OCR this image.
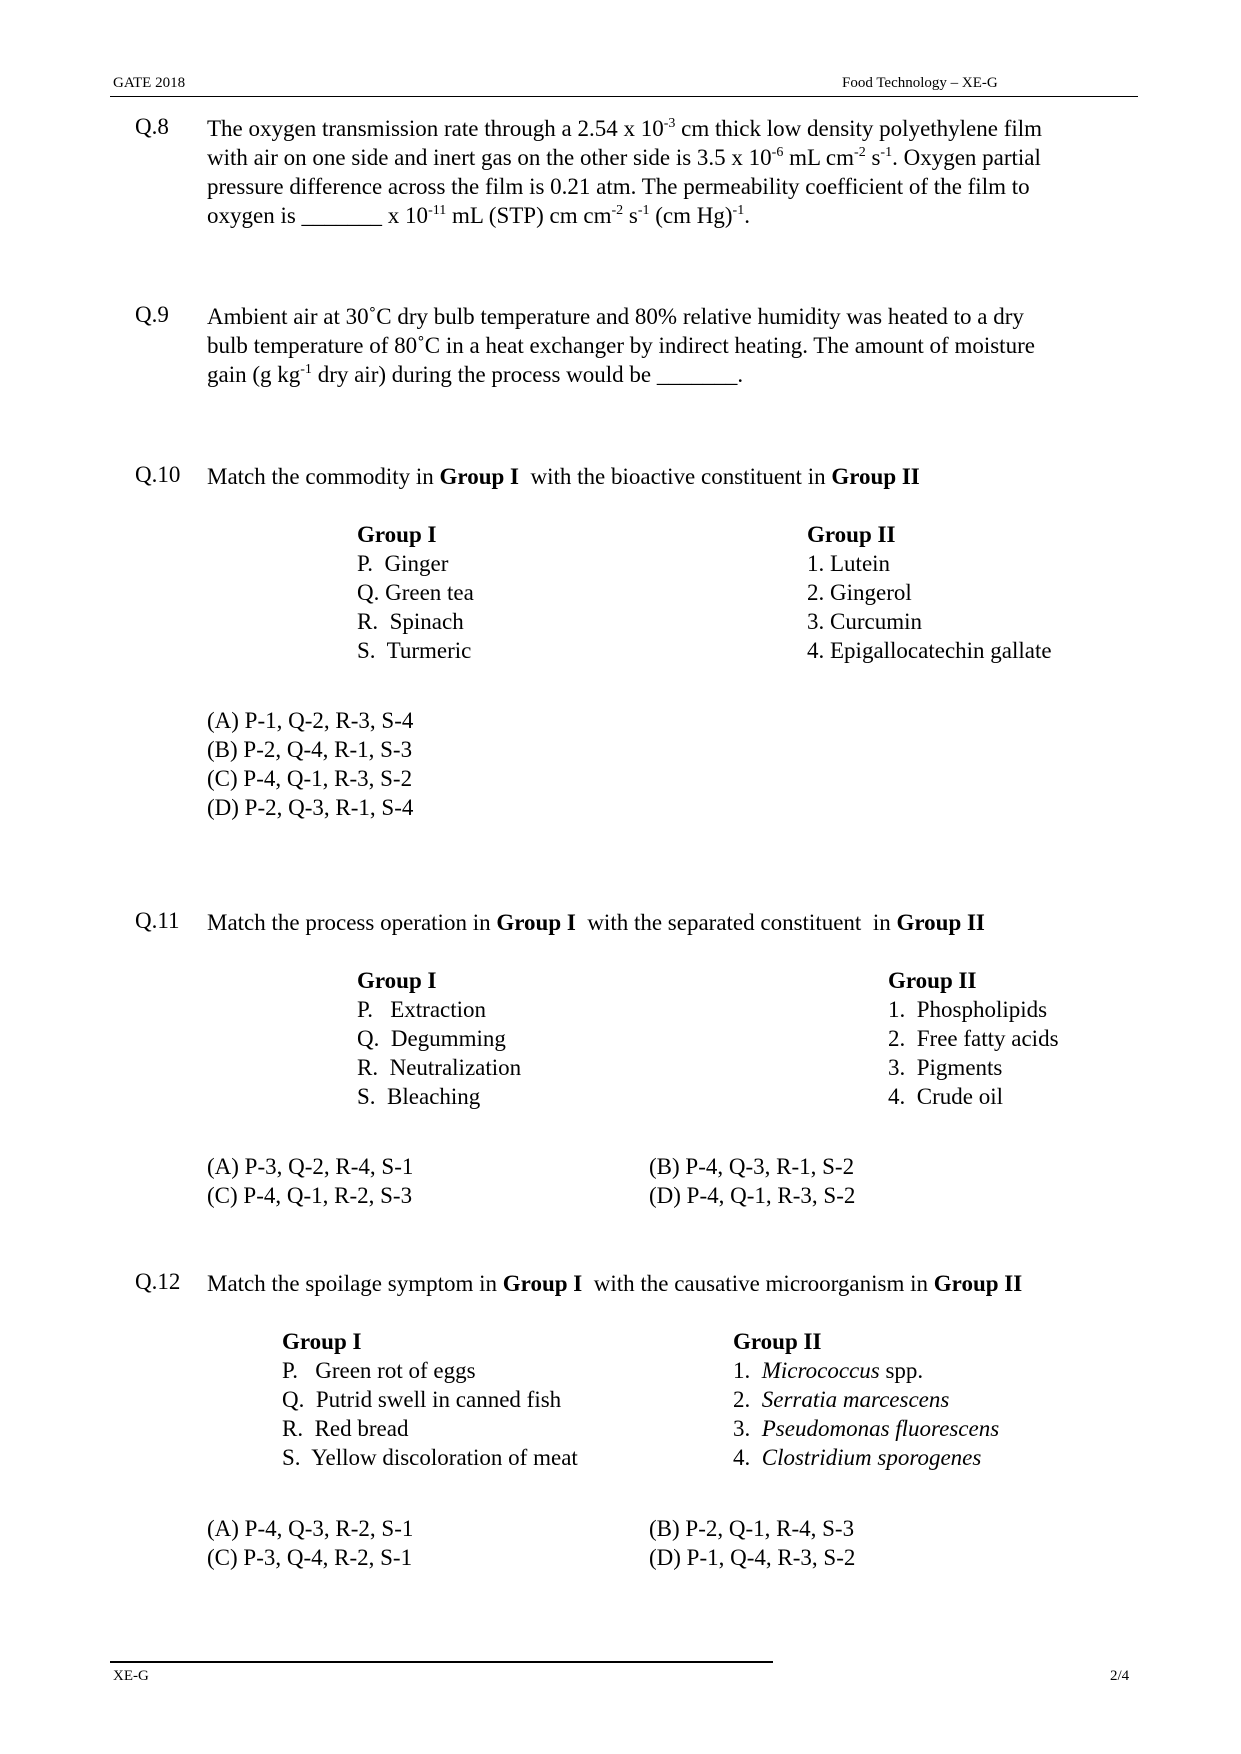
GATE 2018	Food Technology – XE-G
Q.8 The oxygen transmission rate through a 2.54 x $10^{-3}$ cm thick low density polyethylene film
with air on one side and inert gas on the other side is 3.5 x $10^{-6}$ mL $cm^{-2}$ $s^{-1}$. Oxygen partial
pressure difference across the film is 0.21 atm. The permeability coefficient of the film to
oxygen is _______ x $10^{-11}$ mL (STP) cm $cm^{-2}$ $s^{-1}$ (cm Hg)$^{-1}$.
Q.9 Ambient air at 30˚C dry bulb temperature and 80% relative humidity was heated to a dry
bulb temperature of 80˚C in a heat exchanger by indirect heating. The amount of moisture
gain (g $kg^{-1}$ dry air) during the process would be _______.
Q.10 Match the commodity in Group I  with the bioactive constituent in Group II
Group I
P.  Ginger
Q. Green tea
R.  Spinach
S.  Turmeric
Group II
1. Lutein
2. Gingerol
3. Curcumin
4. Epigallocatechin gallate
(A) P-1, Q-2, R-3, S-4
(B) P-2, Q-4, R-1, S-3
(C) P-4, Q-1, R-3, S-2
(D) P-2, Q-3, R-1, S-4
Q.11 Match the process operation in Group I  with the separated constituent  in Group II
Group I
P.   Extraction
Q.  Degumming
R.  Neutralization
S.  Bleaching
Group II
1.  Phospholipids
2.  Free fatty acids
3.  Pigments
4.  Crude oil
(A) P-3, Q-2, R-4, S-1
(C) P-4, Q-1, R-2, S-3
(B) P-4, Q-3, R-1, S-2
(D) P-4, Q-1, R-3, S-2
Q.12 Match the spoilage symptom in Group I  with the causative microorganism in Group II
Group I
P.   Green rot of eggs
Q.  Putrid swell in canned fish
R.  Red bread
S.  Yellow discoloration of meat
Group II
1.  Micrococcus spp.
2.  Serratia marcescens
3.  Pseudomonas fluorescens
4.  Clostridium sporogenes
(A) P-4, Q-3, R-2, S-1
(C) P-3, Q-4, R-2, S-1
(B) P-2, Q-1, R-4, S-3
(D) P-1, Q-4, R-3, S-2
XE-G	2/4
